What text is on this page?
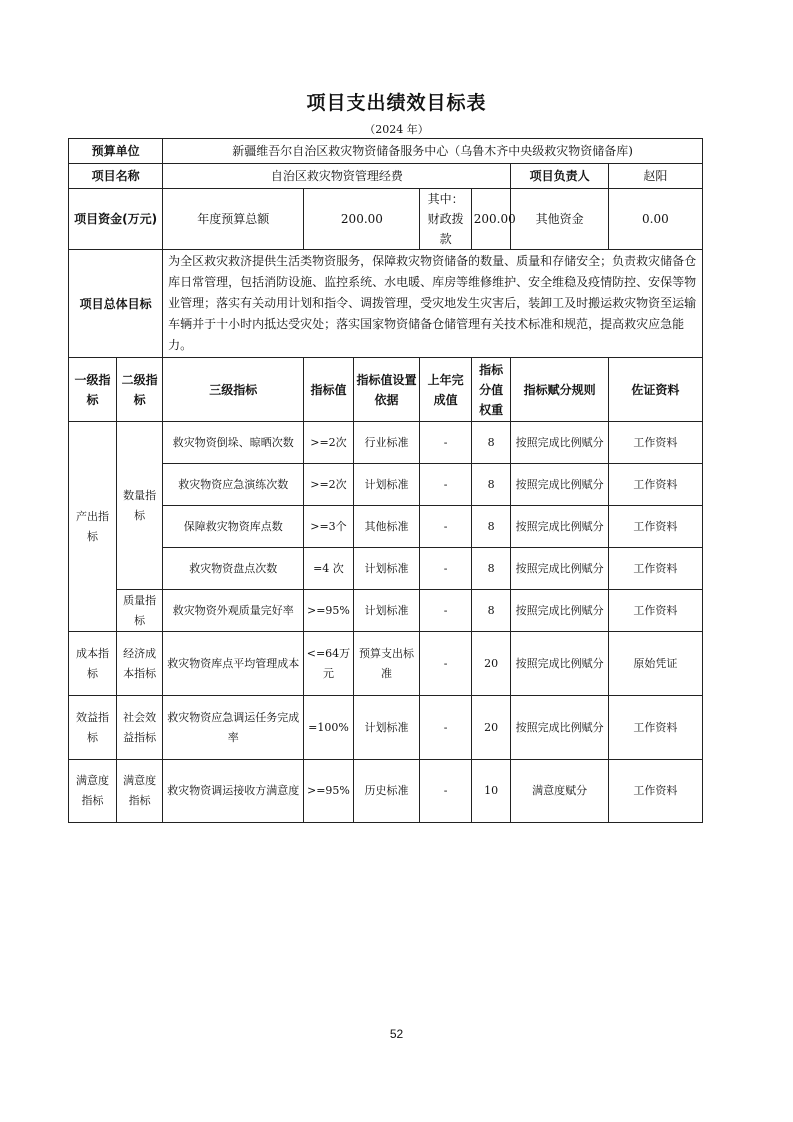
项目支出绩效目标表
（2024 年）
预算单位		新疆维吾尔自治区救灾物资储备服务中心（乌鲁木齐中央级救灾物资储备库)						
项目名称		自治区救灾物资管理经费					项目负责人	赵阳
项目资金(万元)		年度预算总额	200.00		其中：财政拨款	200.00	其他资金	0.00
项目总体目标		为全区救灾救济提供生活类物资服务，保障救灾物资储备的数量、质量和存储安全；负责救灾储备仓库日常管理，包括消防设施、监控系统、水电暖、库房等维修维护、安全维稳及疫情防控、安保等物业管理；落实有关动用计划和指令、调拨管理，受灾地发生灾害后，装卸工及时搬运救灾物资至运输车辆并于十小时内抵达受灾处；落实国家物资储备仓储管理有关技术标准和规范，提高救灾应急能力。						
一级指标	二级指标	三级指标	指标值	指标值设置依据	上年完成值	指标分值权重	指标赋分规则	佐证资料
产出指标	数量指标	救灾物资倒垛、晾晒次数	>=2次	行业标准	-	8	按照完成比例赋分	工作资料
		救灾物资应急演练次数	>=2次	计划标准	-	8	按照完成比例赋分	工作资料
		保障救灾物资库点数	>=3个	其他标准	-	8	按照完成比例赋分	工作资料
		救灾物资盘点次数	=4 次	计划标准	-	8	按照完成比例赋分	工作资料
	质量指标	救灾物资外观质量完好率	>=95%	计划标准	-	8	按照完成比例赋分	工作资料
成本指标	经济成本指标	救灾物资库点平均管理成本	<=64万元	预算支出标准	-	20	按照完成比例赋分	原始凭证
效益指标	社会效益指标	救灾物资应急调运任务完成率	=100%	计划标准	-	20	按照完成比例赋分	工作资料
满意度指标	满意度指标	救灾物资调运接收方满意度	>=95%	历史标准	-	10	满意度赋分	工作资料
52
